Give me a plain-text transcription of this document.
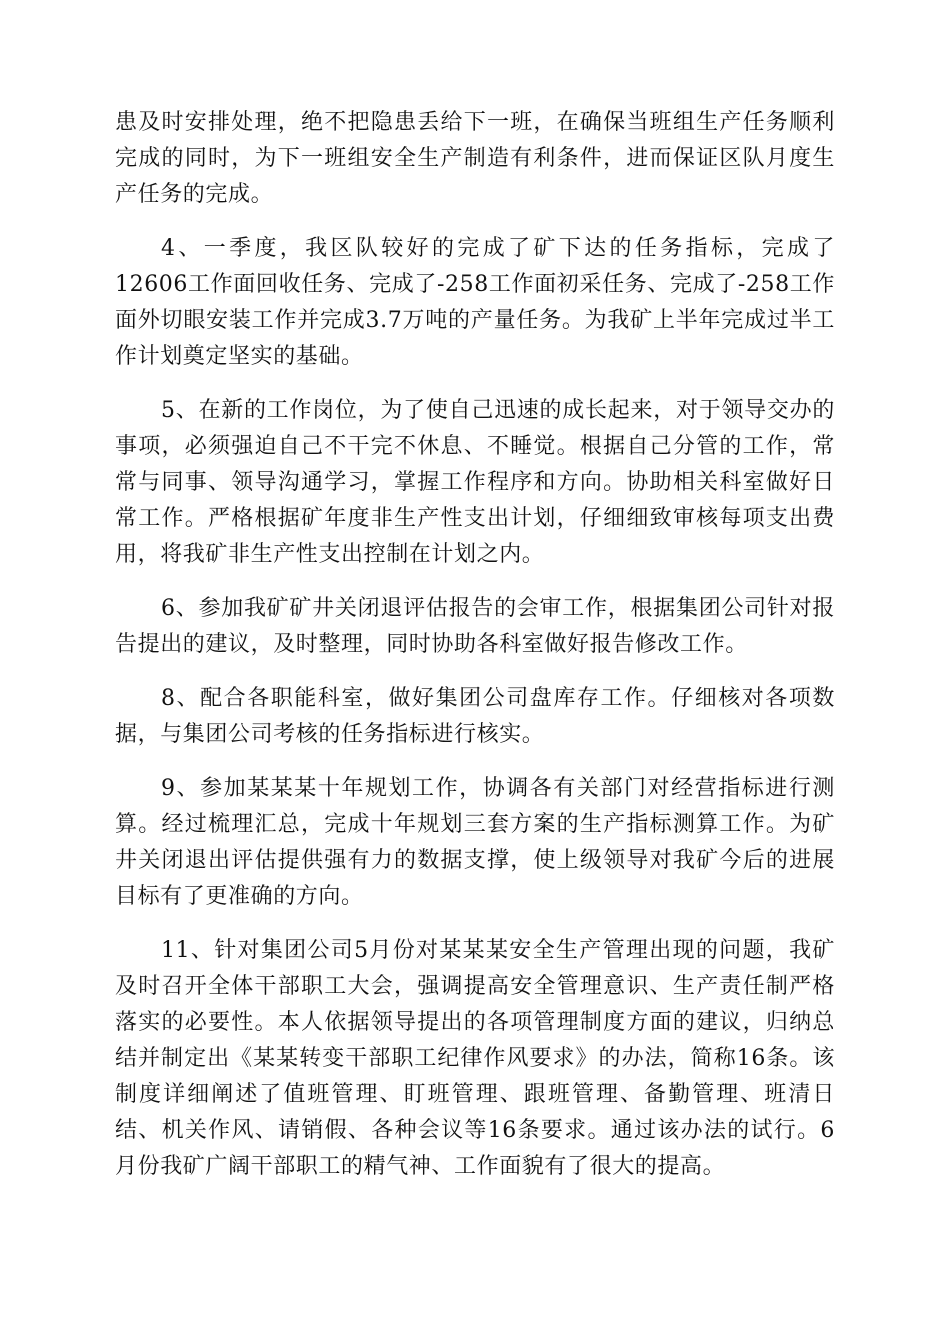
患及时安排处理，绝不把隐患丢给下一班，在确保当班组生产任务顺利完成的同时，为下一班组安全生产制造有利条件，进而保证区队月度生产任务的完成。

4、一季度，我区队较好的完成了矿下达的任务指标，完成了12606工作面回收任务、完成了-258工作面初采任务、完成了-258工作面外切眼安装工作并完成3.7万吨的产量任务。为我矿上半年完成过半工作计划奠定坚实的基础。

5、在新的工作岗位，为了使自己迅速的成长起来，对于领导交办的事项，必须强迫自己不干完不休息、不睡觉。根据自己分管的工作，常常与同事、领导沟通学习，掌握工作程序和方向。协助相关科室做好日常工作。严格根据矿年度非生产性支出计划，仔细细致审核每项支出费用，将我矿非生产性支出控制在计划之内。

6、参加我矿矿井关闭退评估报告的会审工作，根据集团公司针对报告提出的建议，及时整理，同时协助各科室做好报告修改工作。

8、配合各职能科室，做好集团公司盘库存工作。仔细核对各项数据，与集团公司考核的任务指标进行核实。

9、参加某某某十年规划工作，协调各有关部门对经营指标进行测算。经过梳理汇总，完成十年规划三套方案的生产指标测算工作。为矿井关闭退出评估提供强有力的数据支撑，使上级领导对我矿今后的进展目标有了更准确的方向。

11、针对集团公司5月份对某某某安全生产管理出现的问题，我矿及时召开全体干部职工大会，强调提高安全管理意识、生产责任制严格落实的必要性。本人依据领导提出的各项管理制度方面的建议，归纳总结并制定出《某某转变干部职工纪律作风要求》的办法，简称16条。该制度详细阐述了值班管理、盯班管理、跟班管理、备勤管理、班清日结、机关作风、请销假、各种会议等16条要求。通过该办法的试行。6月份我矿广阔干部职工的精气神、工作面貌有了很大的提高。
